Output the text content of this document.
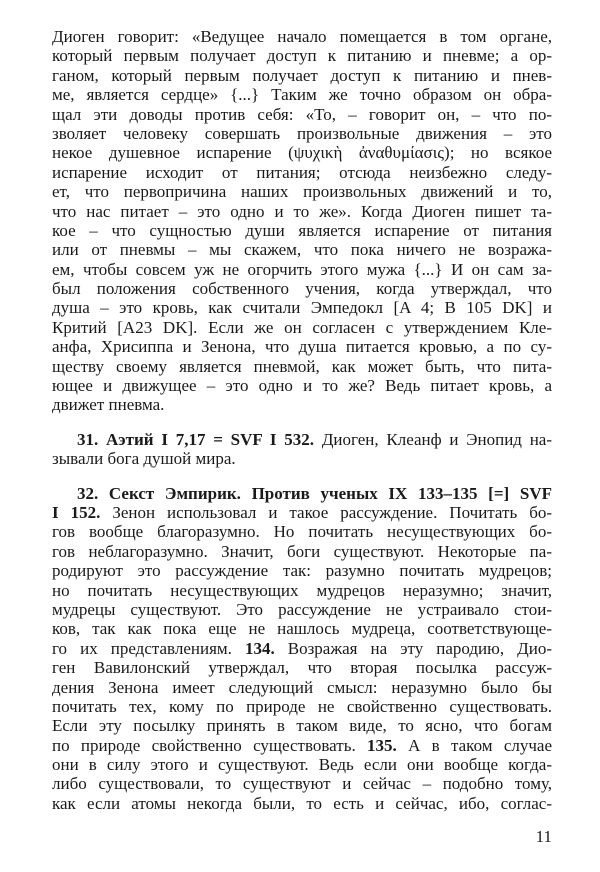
Диоген говорит: «Ведущее начало помещается в том органе,
который первым получает доступ к питанию и пневме; а ор-
ганом, который первым получает доступ к питанию и пнев-
ме, является сердце» {...} Таким же точно образом он обра-
щал эти доводы против себя: «То, – говорит он, – что по-
зволяет человеку совершать произвольные движения – это
некое душевное испарение (ψυχικὴ ἀναθυμίασις); но всякое
испарение исходит от питания; отсюда неизбежно следу-
ет, что первопричина наших произвольных движений и то,
что нас питает – это одно и то же». Когда Диоген пишет та-
кое – что сущностью души является испарение от питания
или от пневмы – мы скажем, что пока ничего не возража-
ем, чтобы совсем уж не огорчить этого мужа {...} И он сам за-
был положения собственного учения, когда утверждал, что
душа – это кровь, как считали Эмпедокл [A 4; B 105 DK] и
Критий [A23 DK]. Если же он согласен с утверждением Кле-
анфа, Хрисиппа и Зенона, что душа питается кровью, а по су-
ществу своему является пневмой, как может быть, что пита-
ющее и движущее – это одно и то же? Ведь питает кровь, а
движет пневма.
31. Аэтий I 7,17 = SVF I 532. Диоген, Клеанф и Энопид на-
зывали бога душой мира.
32. Секст Эмпирик. Против ученых IX 133–135 [=] SVF
I 152. Зенон использовал и такое рассуждение. Почитать бо-
гов вообще благоразумно. Но почитать несуществующих бо-
гов неблагоразумно. Значит, боги существуют. Некоторые па-
родируют это рассуждение так: разумно почитать мудрецов;
но почитать несуществующих мудрецов неразумно; значит,
мудрецы существуют. Это рассуждение не устраивало стои-
ков, так как пока еще не нашлось мудреца, соответствующе-
го их представлениям. 134. Возражая на эту пародию, Дио-
ген Вавилонский утверждал, что вторая посылка рассуж-
дения Зенона имеет следующий смысл: неразумно было бы
почитать тех, кому по природе не свойственно существовать.
Если эту посылку принять в таком виде, то ясно, что богам
по природе свойственно существовать. 135. А в таком случае
они в силу этого и существуют. Ведь если они вообще когда-
либо существовали, то существуют и сейчас – подобно тому,
как если атомы некогда были, то есть и сейчас, ибо, соглас-
11
